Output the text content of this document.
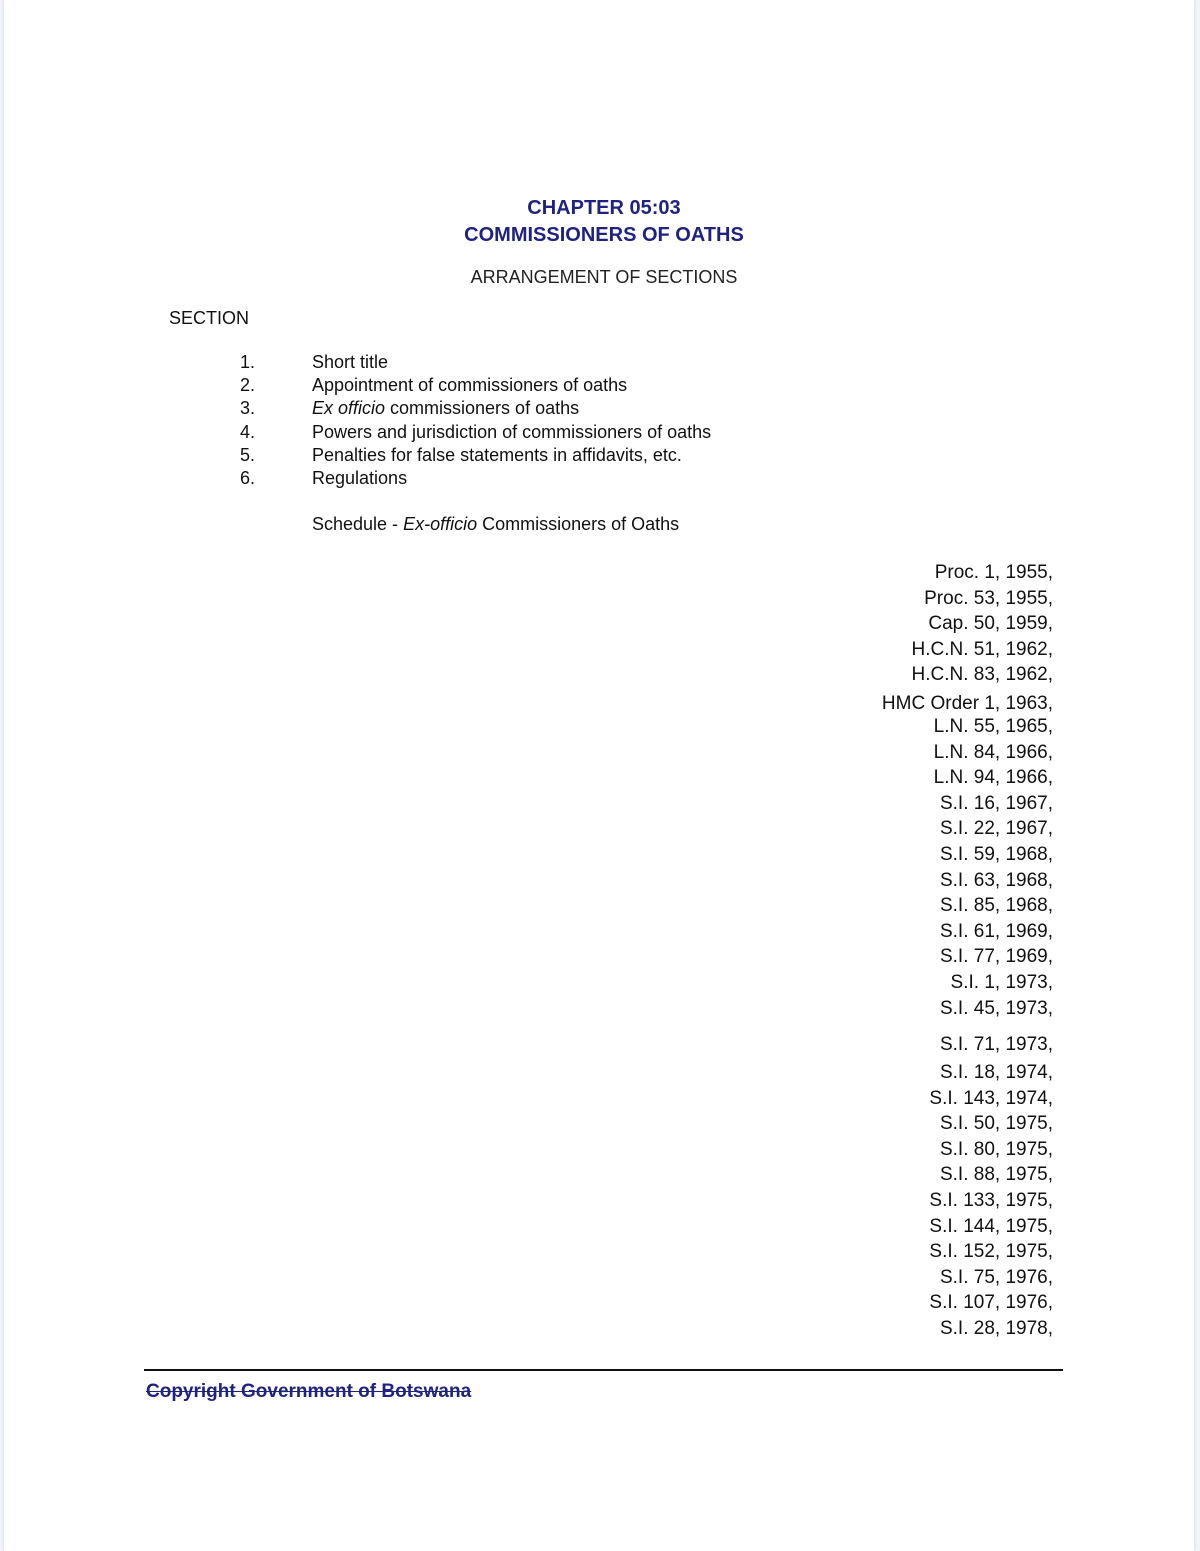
CHAPTER 05:03
COMMISSIONERS OF OATHS
ARRANGEMENT OF SECTIONS
SECTION
1.	Short title
2.	Appointment of commissioners of oaths
3.	Ex officio commissioners of oaths
4.	Powers and jurisdiction of commissioners of oaths
5.	Penalties for false statements in affidavits, etc.
6.	Regulations
Schedule - Ex-officio Commissioners of Oaths
Proc. 1, 1955,
Proc. 53, 1955,
Cap. 50, 1959,
H.C.N. 51, 1962,
H.C.N. 83, 1962,
HMC Order 1, 1963,
L.N. 55, 1965,
L.N. 84, 1966,
L.N. 94, 1966,
S.I. 16, 1967,
S.I. 22, 1967,
S.I. 59, 1968,
S.I. 63, 1968,
S.I. 85, 1968,
S.I. 61, 1969,
S.I. 77, 1969,
S.I. 1, 1973,
S.I. 45, 1973,
S.I. 71, 1973,
S.I. 18, 1974,
S.I. 143, 1974,
S.I. 50, 1975,
S.I. 80, 1975,
S.I. 88, 1975,
S.I. 133, 1975,
S.I. 144, 1975,
S.I. 152, 1975,
S.I. 75, 1976,
S.I. 107, 1976,
S.I. 28, 1978,
Copyright Government of Botswana
